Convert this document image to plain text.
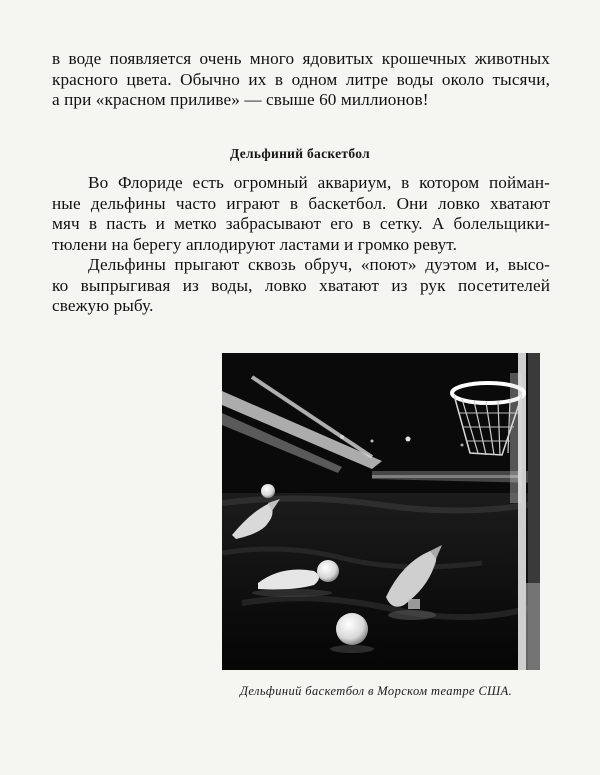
в воде появляется очень много ядовитых крошечных животных
красного цвета. Обычно их в одном литре воды около тысячи,
а при «красном приливе» — свыше 60 миллионов!
Дельфиний баскетбол
Во Флориде есть огромный аквариум, в котором пойман-
ные дельфины часто играют в баскетбол. Они ловко хватают
мяч в пасть и метко забрасывают его в сетку. А болельщики-
тюлени на берегу аплодируют ластами и громко ревут.
Дельфины прыгают сквозь обруч, «поют» дуэтом и, высо-
ко выпрыгивая из воды, ловко хватают из рук посетителей
свежую рыбу.
Дельфиний баскетбол в Морском театре США.
